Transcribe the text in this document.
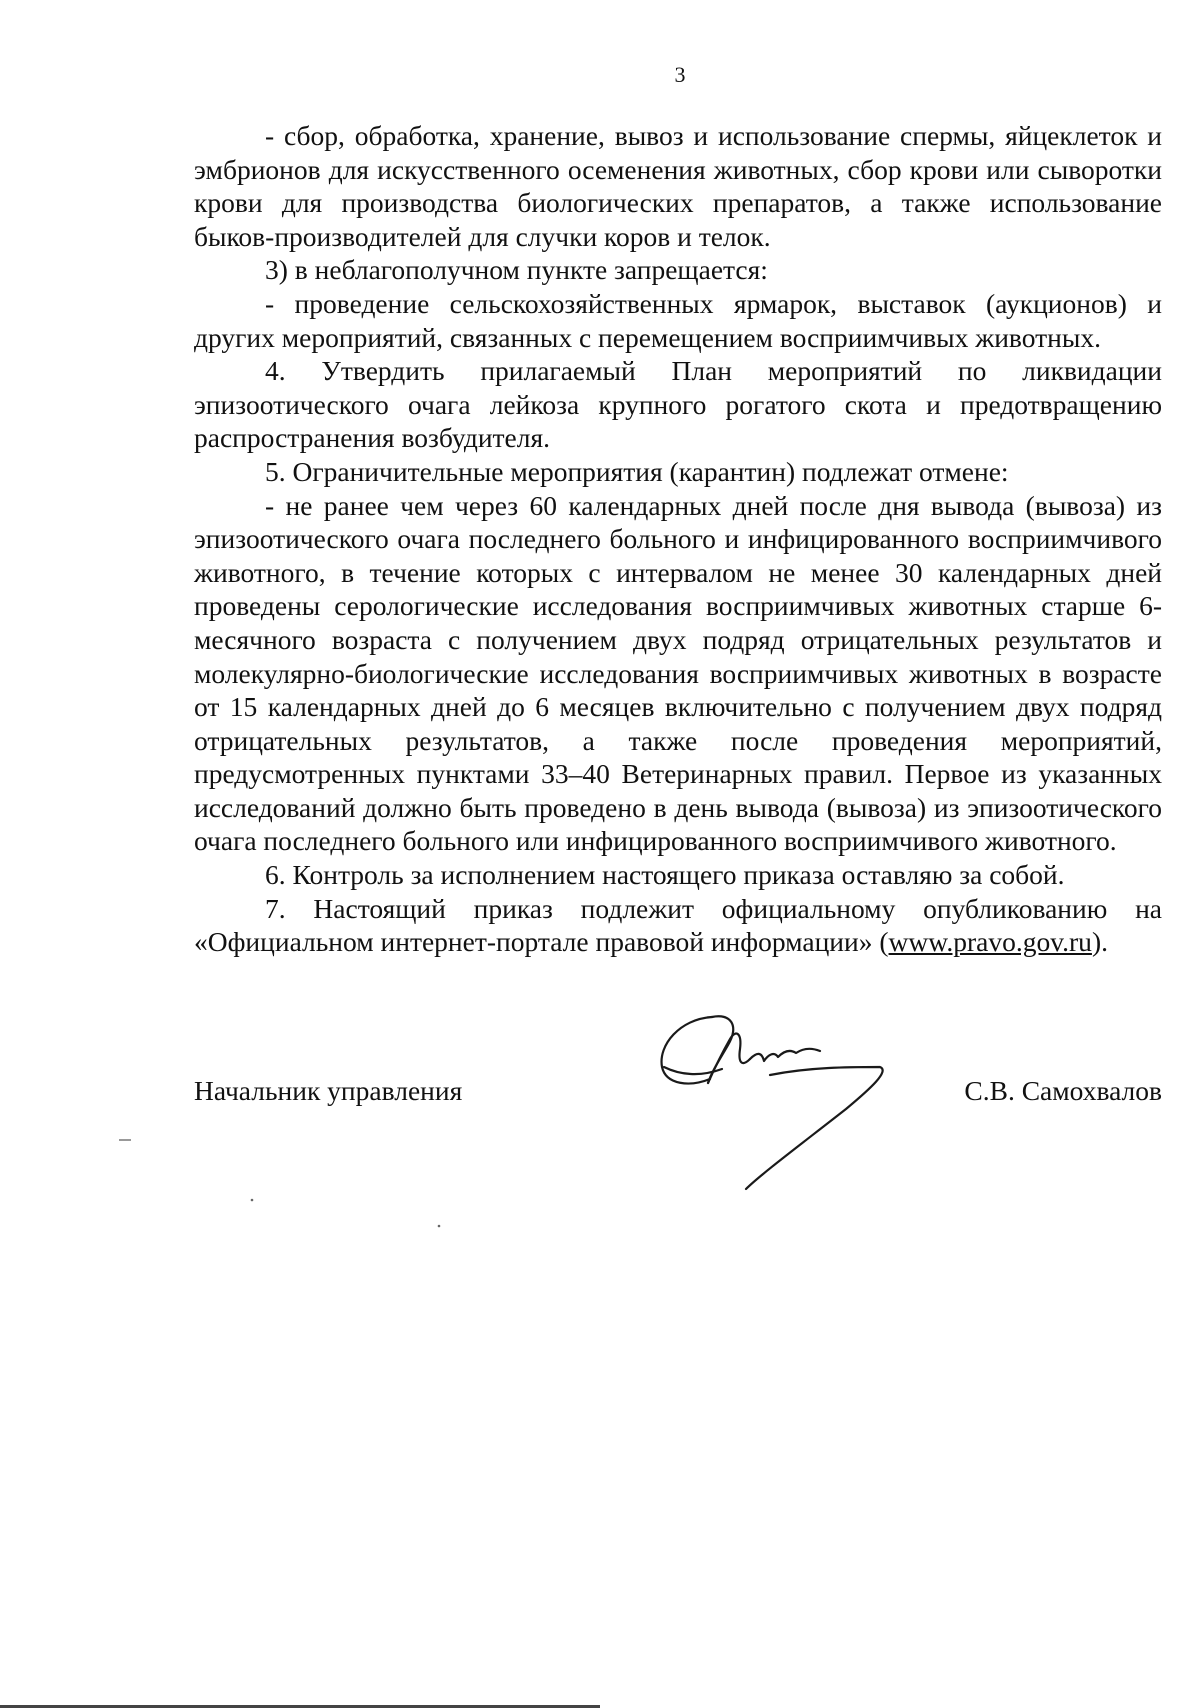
3

- сбор, обработка, хранение, вывоз и использование спермы, яйцеклеток и эмбрионов для искусственного осеменения животных, сбор крови или сыворотки крови для производства биологических препаратов, а также использование быков-производителей для случки коров и телок.

3) в неблагополучном пункте запрещается:

- проведение сельскохозяйственных ярмарок, выставок (аукционов) и других мероприятий, связанных с перемещением восприимчивых животных.

4. Утвердить прилагаемый План мероприятий по ликвидации эпизоотического очага лейкоза крупного рогатого скота и предотвращению распространения возбудителя.

5. Ограничительные мероприятия (карантин) подлежат отмене:

- не ранее чем через 60 календарных дней после дня вывода (вывоза) из эпизоотического очага последнего больного и инфицированного восприимчивого животного, в течение которых с интервалом не менее 30 календарных дней проведены серологические исследования восприимчивых животных старше 6-месячного возраста с получением двух подряд отрицательных результатов и молекулярно-биологические исследования восприимчивых животных в возрасте от 15 календарных дней до 6 месяцев включительно с получением двух подряд отрицательных результатов, а также после проведения мероприятий, предусмотренных пунктами 33–40 Ветеринарных правил. Первое из указанных исследований должно быть проведено в день вывода (вывоза) из эпизоотического очага последнего больного или инфицированного восприимчивого животного.

6. Контроль за исполнением настоящего приказа оставляю за собой.

7. Настоящий приказ подлежит официальному опубликованию на «Официальном интернет-портале правовой информации» (www.pravo.gov.ru).

Начальник управления	С.В. Самохвалов
